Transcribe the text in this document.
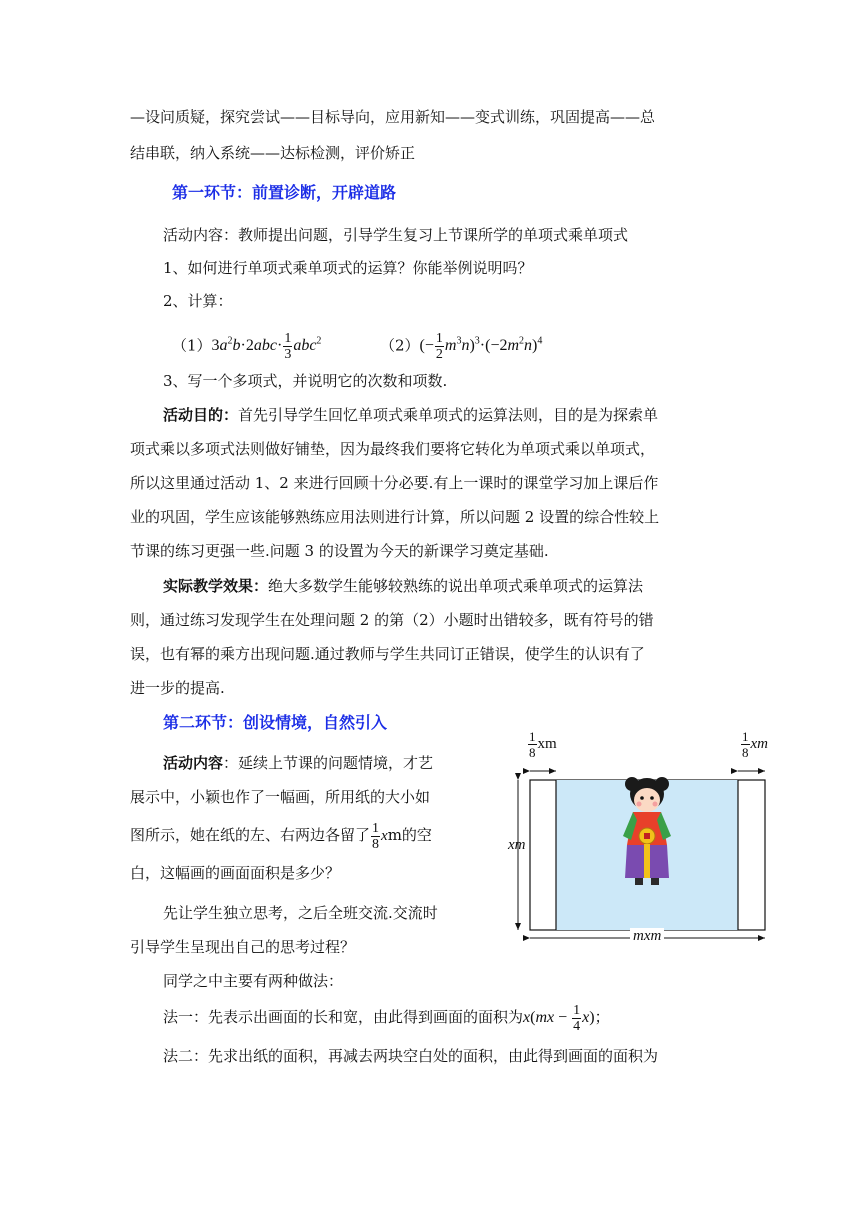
—设问质疑，探究尝试——目标导向，应用新知——变式训练，巩固提高——总
结串联，纳入系统——达标检测，评价矫正
第一环节：前置诊断，开辟道路
活动内容：教师提出问题，引导学生复习上节课所学的单项式乘单项式
1、如何进行单项式乘单项式的运算？你能举例说明吗？
2、计算：
$(1)3a^2b\cdot 2abc\cdot \frac{1}{3} abc^2$	$(2)(- \frac{1}{2} m^3n)^3\cdot(-2m^2n)^4$
3、写一个多项式，并说明它的次数和项数.
活动目的：首先引导学生回忆单项式乘单项式的运算法则，目的是为探索单
项式乘以多项式法则做好铺垫，因为最终我们要将它转化为单项式乘以单项式，
所以这里通过活动 1、2 来进行回顾十分必要.有上一课时的课堂学习加上课后作
业的巩固，学生应该能够熟练应用法则进行计算，所以问题 2 设置的综合性较上
节课的练习更强一些.问题 3 的设置为今天的新课学习奠定基础.
实际教学效果：绝大多数学生能够较熟练的说出单项式乘单项式的运算法
则，通过练习发现学生在处理问题 2 的第（2）小题时出错较多，既有符号的错
误，也有幂的乘方出现问题.通过教师与学生共同订正错误，使学生的认识有了
进一步的提高.
第二环节：创设情境，自然引入
活动内容：延续上节课的问题情境，才艺
展示中，小颖也作了一幅画，所用纸的大小如
图所示，她在纸的左、右两边各留了 $\frac{1}{8}$ xm的空
白，这幅画的画面面积是多少？
先让学生独立思考，之后全班交流.交流时
引导学生呈现出自己的思考过程？
同学之中主要有两种做法：
法一：先表示出画面的长和宽，由此得到画面的面积为$x(mx - \frac{1}{4} x)$；
法二：先求出纸的面积，再减去两块空白处的面积，由此得到画面的面积为
$\frac{1}{8}$ xm	$\frac{1}{8}$ xm
xm
mxm
